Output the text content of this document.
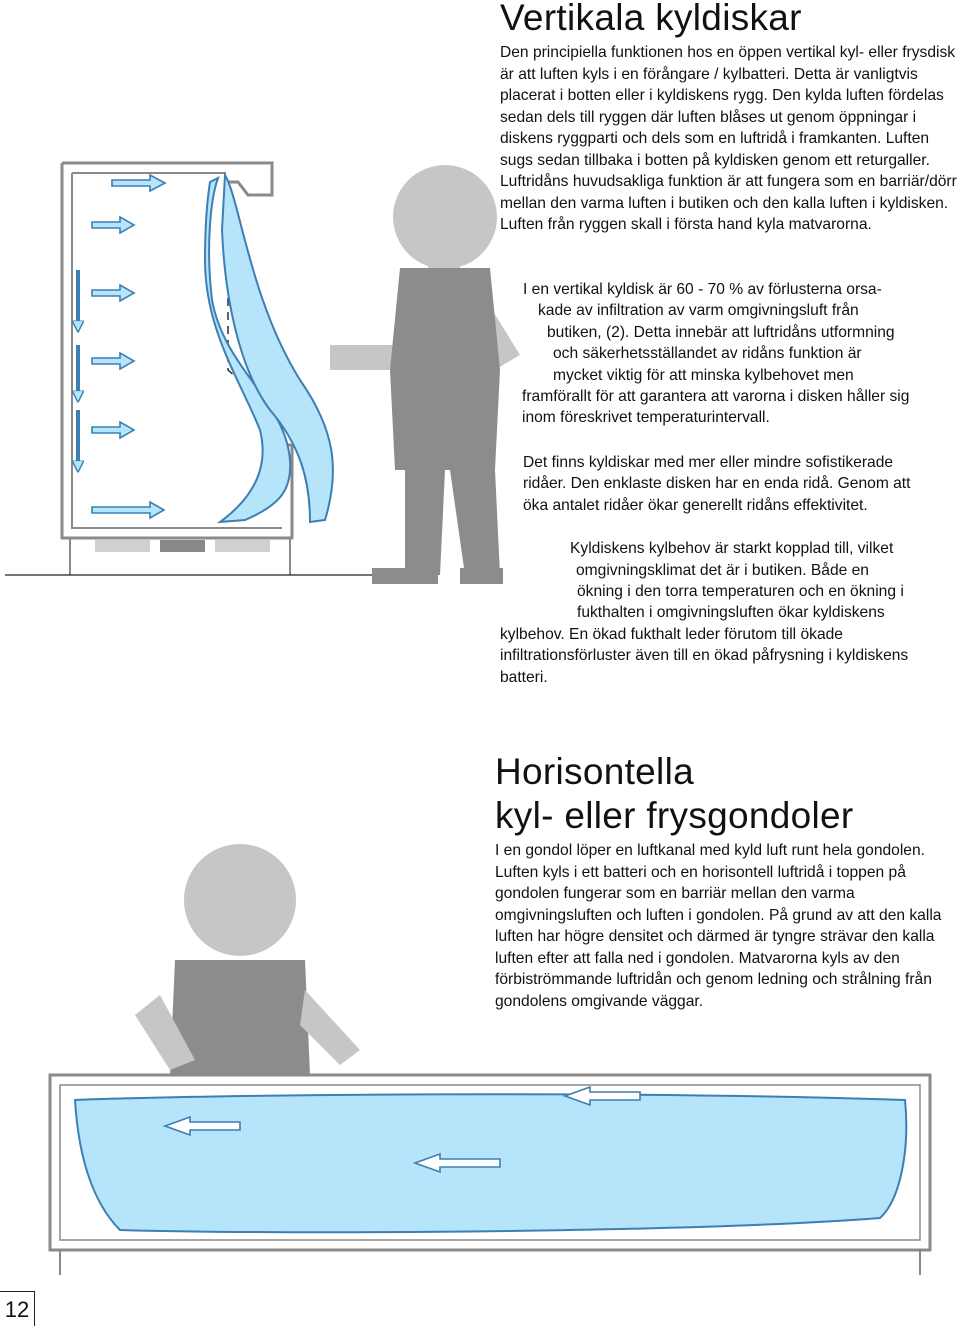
Vertikala kyldiskar

Den principiella funktionen hos en öppen vertikal kyl- eller frysdisk är att luften kyls i en förångare / kylbatteri. Detta är vanligtvis placerat i botten eller i kyldiskens rygg. Den kylda luften fördelas sedan dels till ryggen där luften blåses ut genom öppningar i diskens ryggparti och dels som en luftridå i framkanten. Luften sugs sedan tillbaka i botten på kyldisken genom ett returgaller. Luftridåns huvudsakliga funktion är att fungera som en barriär/dörr mellan den varma luften i butiken och den kalla luften i kyldisken. Luften från ryggen skall i första hand kyla matvarorna.

I en vertikal kyldisk är 60 - 70 % av förlusterna orsa-
kade av infiltration av varm omgivningsluft från
butiken, (2). Detta innebär att luftridåns utformning
och säkerhetsställandet av ridåns funktion är
mycket viktig för att minska kylbehovet men
framförallt för att garantera att varorna i disken håller sig
inom föreskrivet temperaturintervall.
Det finns kyldiskar med mer eller mindre sofistikerade
ridåer. Den enklaste disken har en enda ridå. Genom att
öka antalet ridåer ökar generellt ridåns effektivitet.
Kyldiskens kylbehov är starkt kopplad till, vilket
omgivningsklimat det är i butiken. Både en
ökning i den torra temperaturen och en ökning i
fukthalten i omgivningsluften ökar kyldiskens
kylbehov. En ökad fukthalt leder förutom till ökade
infiltrationsförluster även till en ökad påfrysning i kyldiskens
batteri.
Horisontella
kyl- eller frysgondoler

I en gondol löper en luftkanal med kyld luft runt hela gondolen. Luften kyls i ett batteri och en horisontell luftridå i toppen på gondolen fungerar som en barriär mellan den varma omgivningsluften och luften i gondolen. På grund av att den kalla luften har högre densitet och därmed är tyngre strävar den kalla luften efter att falla ned i gondolen. Matvarorna kyls av den förbiströmmande luftridån och genom ledning och strålning från gondolens omgivande väggar.

12
